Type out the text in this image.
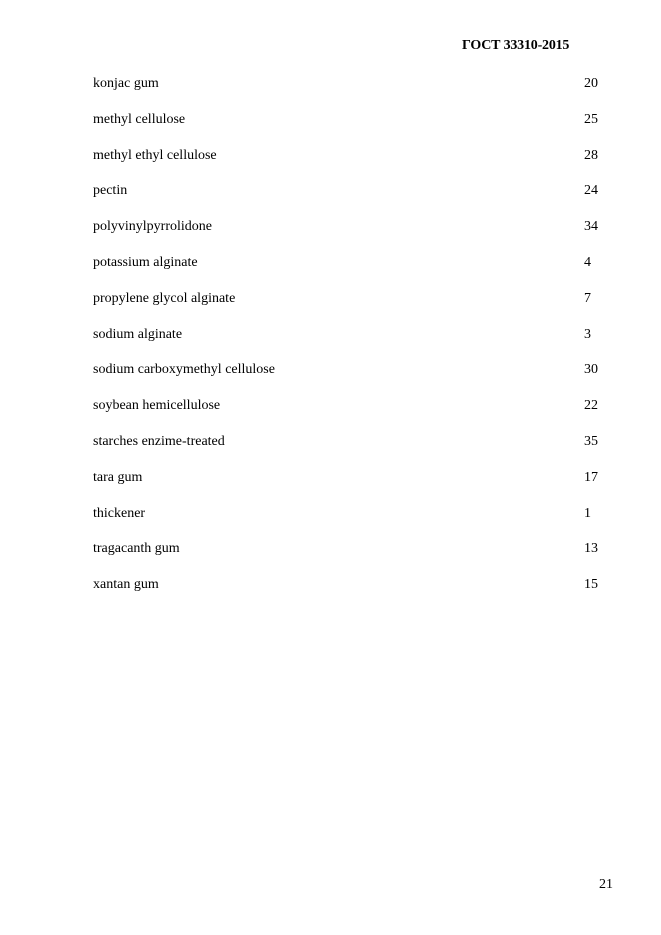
ГОСТ 33310-2015
konjac gum	20
methyl cellulose	25
methyl ethyl cellulose	28
pectin	24
polyvinylpyrrolidone	34
potassium alginate	4
propylene glycol alginate	7
sodium alginate	3
sodium carboxymethyl cellulose	30
soybean hemicellulose	22
starches enzime-treated	35
tara gum	17
thickener	1
tragacanth gum	13
xantan gum	15
21
